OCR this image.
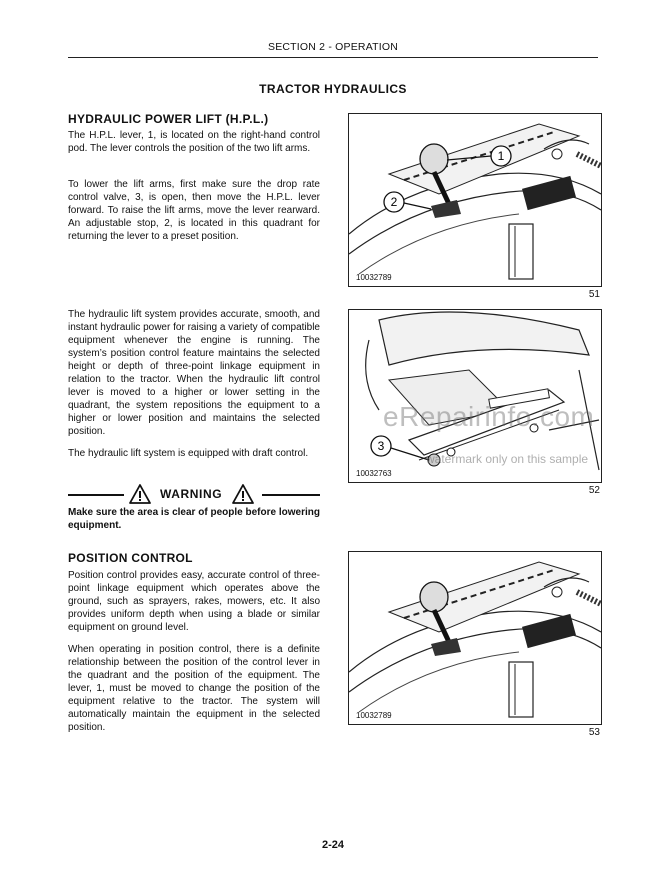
SECTION 2 - OPERATION
TRACTOR HYDRAULICS
HYDRAULIC POWER LIFT (H.P.L.)

The H.P.L. lever, 1, is located on the right-hand control pod. The lever controls the position of the two lift arms.

To lower the lift arms, first make sure the drop rate control valve, 3, is open, then move the H.P.L. lever forward. To raise the lift arms, move the lever rearward. An adjustable stop, 2, is located in this quadrant for returning the lever to a preset position.

The hydraulic lift system provides accurate, smooth, and instant hydraulic power for raising a variety of compatible equipment whenever the engine is running. The system’s position control feature maintains the selected height or depth of three-point linkage equipment in relation to the tractor. When the hydraulic lift control lever is moved to a higher or lower setting in the quadrant, the system repositions the equipment to a higher or lower position and maintains the selected position.

The hydraulic lift system is equipped with draft control.

WARNING
Make sure the area is clear of people before lowering equipment.
POSITION CONTROL

Position control provides easy, accurate control of three-point linkage equipment which operates above the ground, such as sprayers, rakes, mowers, etc. It also provides uniform depth when using a blade or similar equipment on ground level.

When operating in position control, there is a definite relationship between the position of the control lever in the quadrant and the position of the equipment. The lever, 1, must be moved to change the position of the equipment relative to the tractor. The system will automatically maintain the equipment in the selected position.

1
2
10032789
51
3
10032763
52
10032789
53
eRepairinfo.com
watermark only on this sample
2-24
